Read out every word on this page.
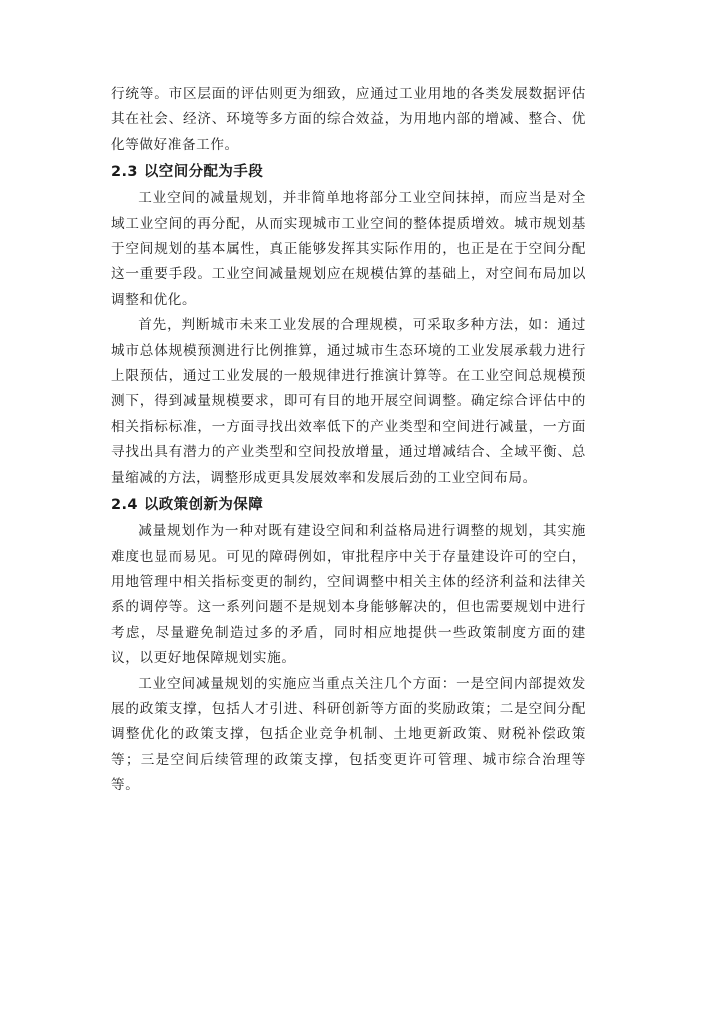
行统等。市区层面的评估则更为细致，应通过工业用地的各类发展数据评估其在社会、经济、环境等多方面的综合效益，为用地内部的增减、整合、优化等做好准备工作。

2.3 以空间分配为手段

工业空间的减量规划，并非简单地将部分工业空间抹掉，而应当是对全域工业空间的再分配，从而实现城市工业空间的整体提质增效。城市规划基于空间规划的基本属性，真正能够发挥其实际作用的，也正是在于空间分配这一重要手段。工业空间减量规划应在规模估算的基础上，对空间布局加以调整和优化。

首先，判断城市未来工业发展的合理规模，可采取多种方法，如：通过城市总体规模预测进行比例推算，通过城市生态环境的工业发展承载力进行上限预估，通过工业发展的一般规律进行推演计算等。在工业空间总规模预测下，得到减量规模要求，即可有目的地开展空间调整。确定综合评估中的相关指标标准，一方面寻找出效率低下的产业类型和空间进行减量，一方面寻找出具有潜力的产业类型和空间投放增量，通过增减结合、全域平衡、总量缩减的方法，调整形成更具发展效率和发展后劲的工业空间布局。

2.4 以政策创新为保障

减量规划作为一种对既有建设空间和利益格局进行调整的规划，其实施难度也显而易见。可见的障碍例如，审批程序中关于存量建设许可的空白，用地管理中相关指标变更的制约，空间调整中相关主体的经济利益和法律关系的调停等。这一系列问题不是规划本身能够解决的，但也需要规划中进行考虑，尽量避免制造过多的矛盾，同时相应地提供一些政策制度方面的建议，以更好地保障规划实施。

工业空间减量规划的实施应当重点关注几个方面：一是空间内部提效发展的政策支撑，包括人才引进、科研创新等方面的奖励政策；二是空间分配调整优化的政策支撑，包括企业竞争机制、土地更新政策、财税补偿政策等；三是空间后续管理的政策支撑，包括变更许可管理、城市综合治理等等。
